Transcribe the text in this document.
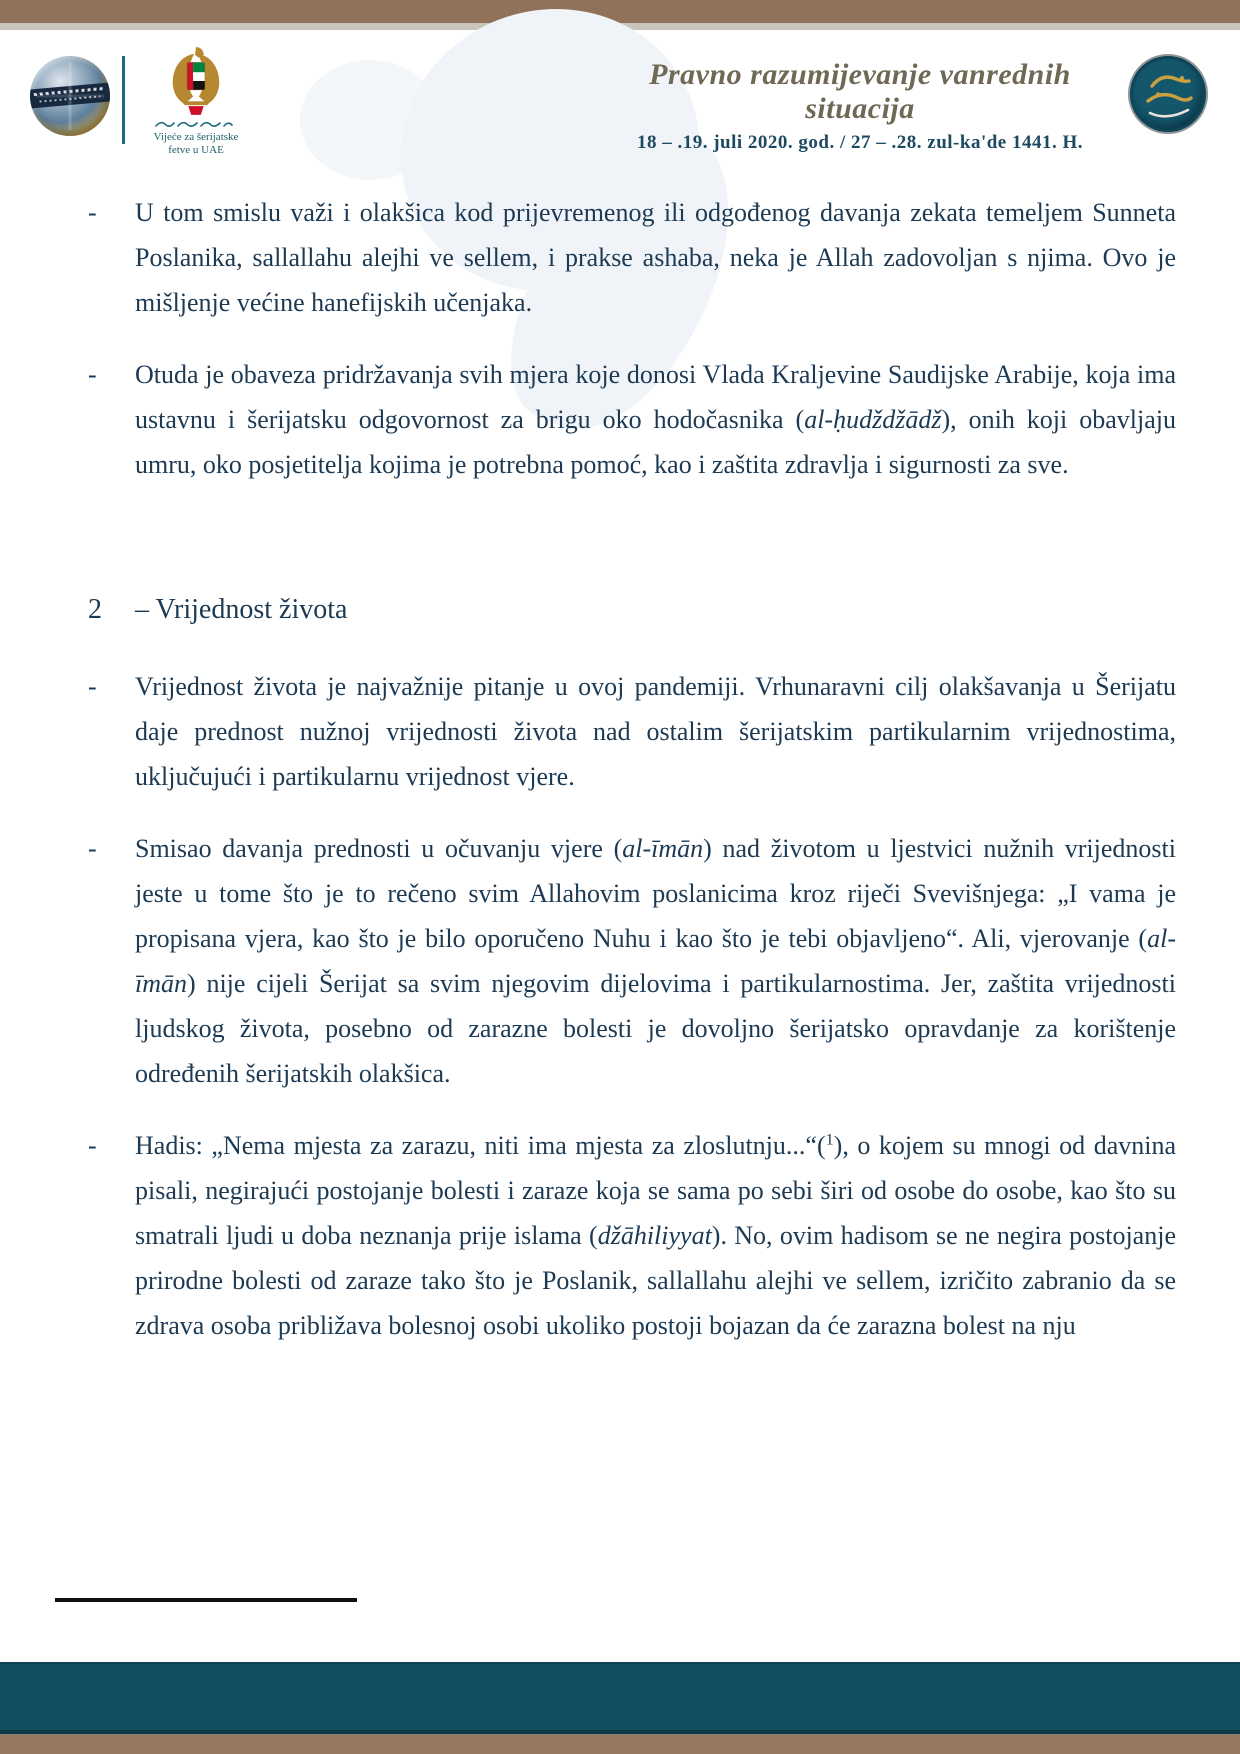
Vijeće za šerijatske
fetve u UAE
Pravno razumijevanje vanrednih situacija
18 – .19. juli 2020. god. / 27 – .28. zul-ka'de 1441. H.
-	U tom smislu važi i olakšica kod prijevremenog ili odgođenog davanja zekata temeljem Sunneta Poslanika, sallallahu alejhi ve sellem, i prakse ashaba, neka je Allah zadovoljan s njima. Ovo je mišljenje većine hanefijskih učenjaka.

-	Otuda je obaveza pridržavanja svih mjera koje donosi Vlada Kraljevine Saudijske Arabije, koja ima ustavnu i šerijatsku odgovornost za brigu oko hodočasnika (al-ḥudždžādž), onih koji obavljaju umru, oko posjetitelja kojima je potrebna pomoć, kao i zaštita zdravlja i sigurnosti za sve.

2	– Vrijednost života
-	Vrijednost života je najvažnije pitanje u ovoj pandemiji. Vrhunaravni cilj olakšavanja u Šerijatu daje prednost nužnoj vrijednosti života nad ostalim šerijatskim partikularnim vrijednostima, uključujući i partikularnu vrijednost vjere.

-	Smisao davanja prednosti u očuvanju vjere (al-īmān) nad životom u ljestvici nužnih vrijednosti jeste u tome što je to rečeno svim Allahovim poslanicima kroz riječi Svevišnjega: „I vama je propisana vjera, kao što je bilo oporučeno Nuhu i kao što je tebi objavljeno“. Ali, vjerovanje (al-īmān) nije cijeli Šerijat sa svim njegovim dijelovima i partikularnostima. Jer, zaštita vrijednosti ljudskog života, posebno od zarazne bolesti je dovoljno šerijatsko opravdanje za korištenje određenih šerijatskih olakšica.

-	Hadis: „Nema mjesta za zarazu, niti ima mjesta za zloslutnju...“($^1$), o kojem su mnogi od davnina pisali, negirajući postojanje bolesti i zaraze koja se sama po sebi širi od osobe do osobe, kao što su smatrali ljudi u doba neznanja prije islama (džāhiliyyat). No, ovim hadisom se ne negira postojanje prirodne bolesti od zaraze tako što je Poslanik, sallallahu alejhi ve sellem, izričito zabranio da se zdrava osoba približava bolesnoj osobi ukoliko postoji bojazan da će zarazna bolest na nju
